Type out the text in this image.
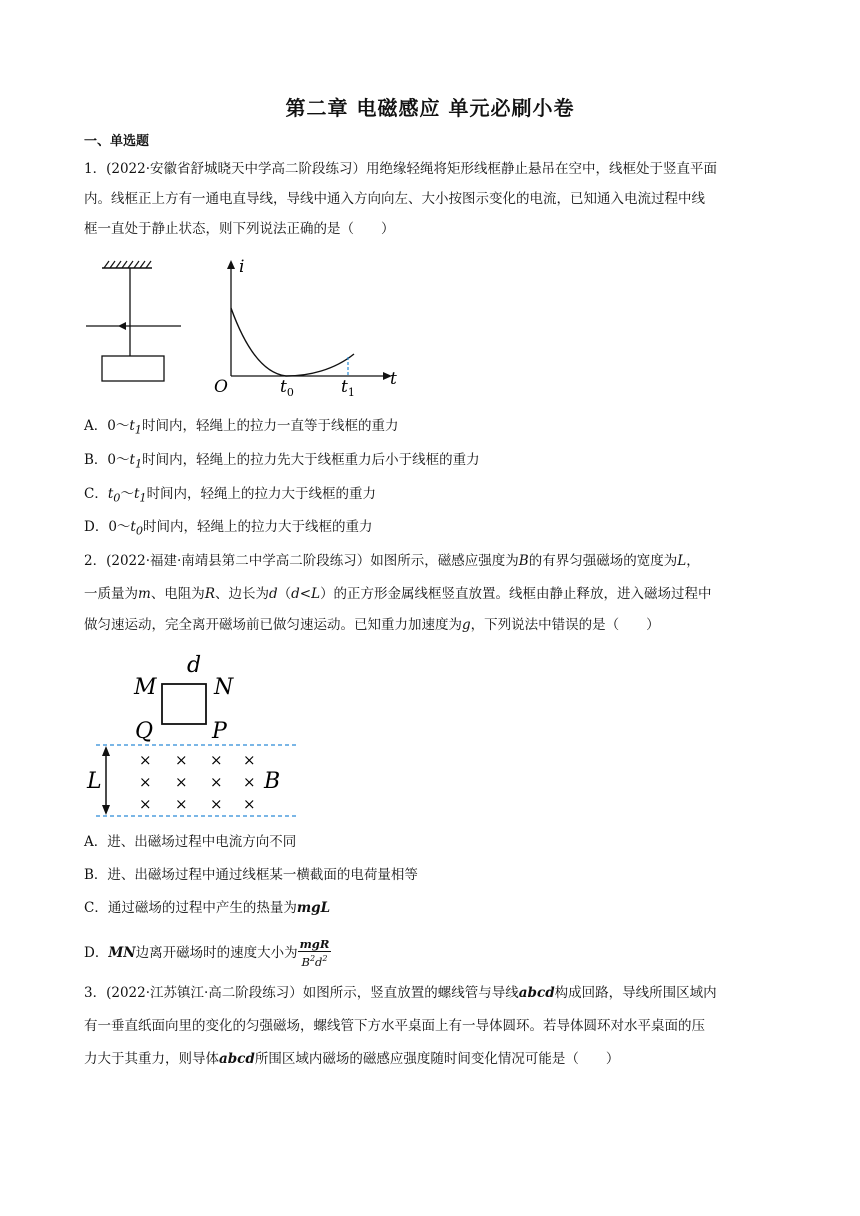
第二章 电磁感应 单元必刷小卷
一、单选题
1．(2022·安徽省舒城晓天中学高二阶段练习）用绝缘轻绳将矩形线框静止悬吊在空中，线框处于竖直平面
内。线框正上方有一通电直导线，导线中通入方向向左、大小按图示变化的电流，已知通入电流过程中线
框一直处于静止状态，则下列说法正确的是（　　）
i
t
O	$t_0$	$t_1$
A．$0\sim t_1$时间内，轻绳上的拉力一直等于线框的重力
B．$0\sim t_1$时间内，轻绳上的拉力先大于线框重力后小于线框的重力
C．$t_0\sim t_1$时间内，轻绳上的拉力大于线框的重力
D．$0\sim t_0$时间内，轻绳上的拉力大于线框的重力
2．(2022·福建·南靖县第二中学高二阶段练习）如图所示，磁感应强度为B的有界匀强磁场的宽度为L，
一质量为m、电阻为R、边长为d（d<L）的正方形金属线框竖直放置。线框由静止释放，进入磁场过程中
做匀速运动，完全离开磁场前已做匀速运动。已知重力加速度为g，下列说法中错误的是（　　）
d
M	N
Q	P
L	B
× × × ×
× × × ×
× × × ×
A．进、出磁场过程中电流方向不同
B．进、出磁场过程中通过线框某一横截面的电荷量相等
C．通过磁场的过程中产生的热量为mgL
D．MN边离开磁场时的速度大小为 $\frac{\text{mgR}}{B^2d^2}$
3．(2022·江苏镇江·高二阶段练习）如图所示，竖直放置的螺线管与导线abcd构成回路，导线所围区域内
有一垂直纸面向里的变化的匀强磁场，螺线管下方水平桌面上有一导体圆环。若导体圆环对水平桌面的压
力大于其重力，则导体abcd所围区域内磁场的磁感应强度随时间变化情况可能是（　　）
